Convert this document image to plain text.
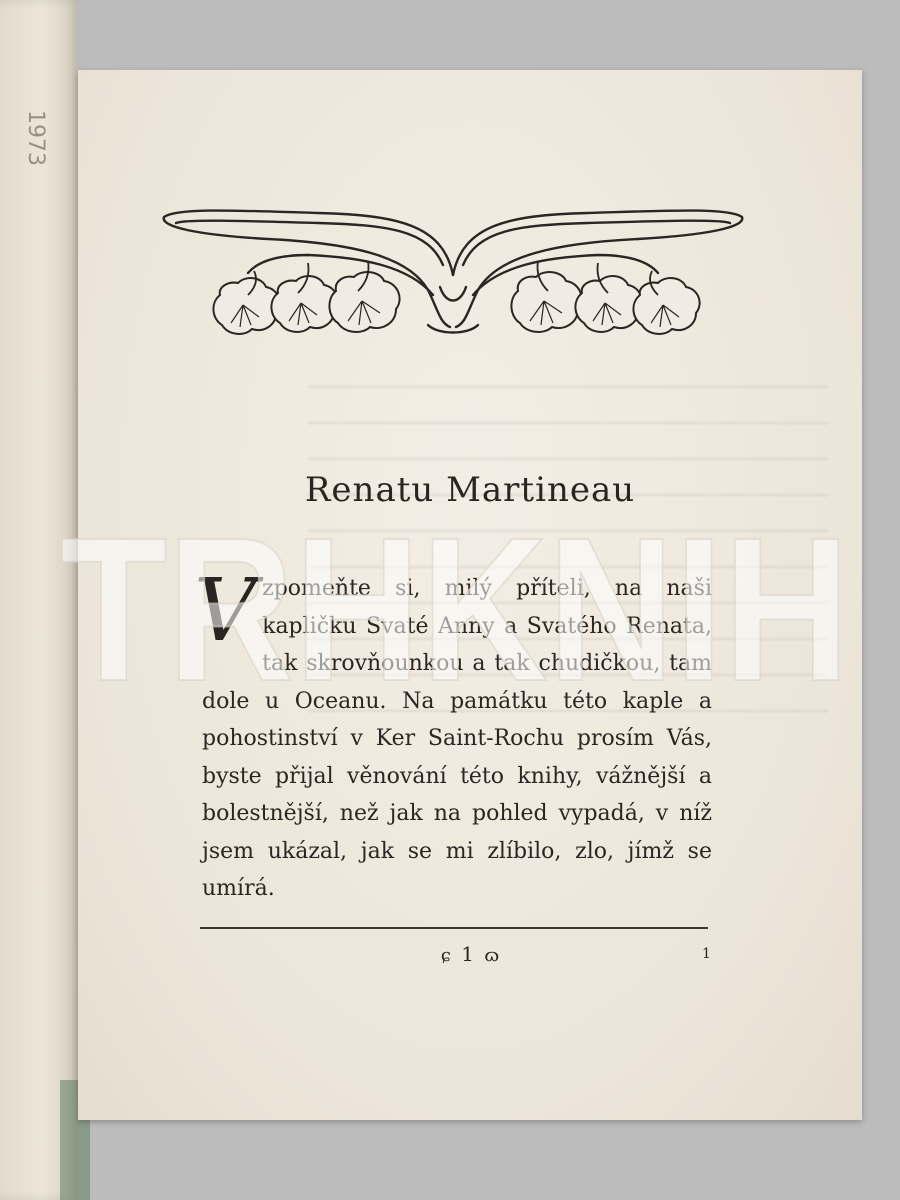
1973
Renatu Martineau
Vzpomeňte si, milý příteli, na naši kapličku Svaté Anny a Svatého Renata, tak skrovňounkou a tak chudičkou, tam dole u Oceanu. Na památku této kaple a pohostinství v Ker Saint-Rochu prosím Vás, byste přijal věnování této knihy, vážnější a bolestnější, než jak na pohled vypadá, v níž jsem ukázal, jak se mi zlíbilo, zlo, jímž se umírá.
ɕ 1 ɷ	1
TRHKNIH
